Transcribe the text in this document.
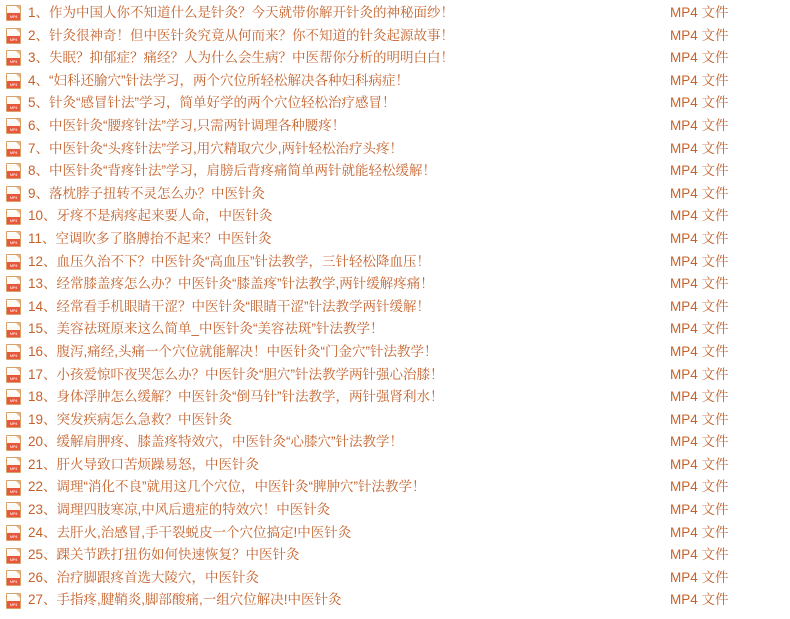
MP4 1、作为中国人你不知道什么是针灸？今天就带你解开针灸的神秘面纱！	MP4 文件
MP4 2、针灸很神奇！但中医针灸究竟从何而来？你不知道的针灸起源故事！	MP4 文件
MP4 3、失眠？抑郁症？痛经？人为什么会生病？中医帮你分析的明明白白！	MP4 文件
MP4 4、“妇科还腧穴”针法学习，两个穴位所轻松解决各种妇科病症！	MP4 文件
MP4 5、针灸“感冒针法”学习，简单好学的两个穴位轻松治疗感冒！	MP4 文件
MP4 6、中医针灸“腰疼针法”学习,只需两针调理各种腰疼！	MP4 文件
MP4 7、中医针灸“头疼针法”学习,用穴精取穴少,两针轻松治疗头疼！	MP4 文件
MP4 8、中医针灸“背疼针法”学习，肩膀后背疼痛简单两针就能轻松缓解！	MP4 文件
MP4 9、落枕脖子扭转不灵怎么办？中医针灸	MP4 文件
MP4 10、牙疼不是病疼起来要人命，中医针灸	MP4 文件
MP4 11、空调吹多了胳膊抬不起来？中医针灸	MP4 文件
MP4 12、血压久治不下？中医针灸“高血压”针法教学，三针轻松降血压！	MP4 文件
MP4 13、经常膝盖疼怎么办？中医针灸“膝盖疼”针法教学,两针缓解疼痛！	MP4 文件
MP4 14、经常看手机眼睛干涩？中医针灸“眼睛干涩”针法教学两针缓解！	MP4 文件
MP4 15、美容祛斑原来这么简单_中医针灸“美容祛斑”针法教学！	MP4 文件
MP4 16、腹泻,痛经,头痛一个穴位就能解决！中医针灸“门金穴”针法教学！	MP4 文件
MP4 17、小孩爱惊吓夜哭怎么办？中医针灸“胆穴”针法教学两针强心治膝！	MP4 文件
MP4 18、身体浮肿怎么缓解？中医针灸“倒马针”针法教学，两针强肾利水！	MP4 文件
MP4 19、突发疾病怎么急救？中医针灸	MP4 文件
MP4 20、缓解肩胛疼、膝盖疼特效穴，中医针灸“心膝穴”针法教学！	MP4 文件
MP4 21、肝火导致口苦烦躁易怒，中医针灸	MP4 文件
MP4 22、调理“消化不良”就用这几个穴位，中医针灸“脾肿穴”针法教学！	MP4 文件
MP4 23、调理四肢寒凉,中风后遗症的特效穴！中医针灸	MP4 文件
MP4 24、去肝火,治感冒,手干裂蜕皮一个穴位搞定!中医针灸	MP4 文件
MP4 25、踝关节跌打扭伤如何快速恢复？中医针灸	MP4 文件
MP4 26、治疗脚跟疼首选大陵穴，中医针灸	MP4 文件
MP4 27、手指疼,腱鞘炎,脚部酸痛,一组穴位解决!中医针灸	MP4 文件
